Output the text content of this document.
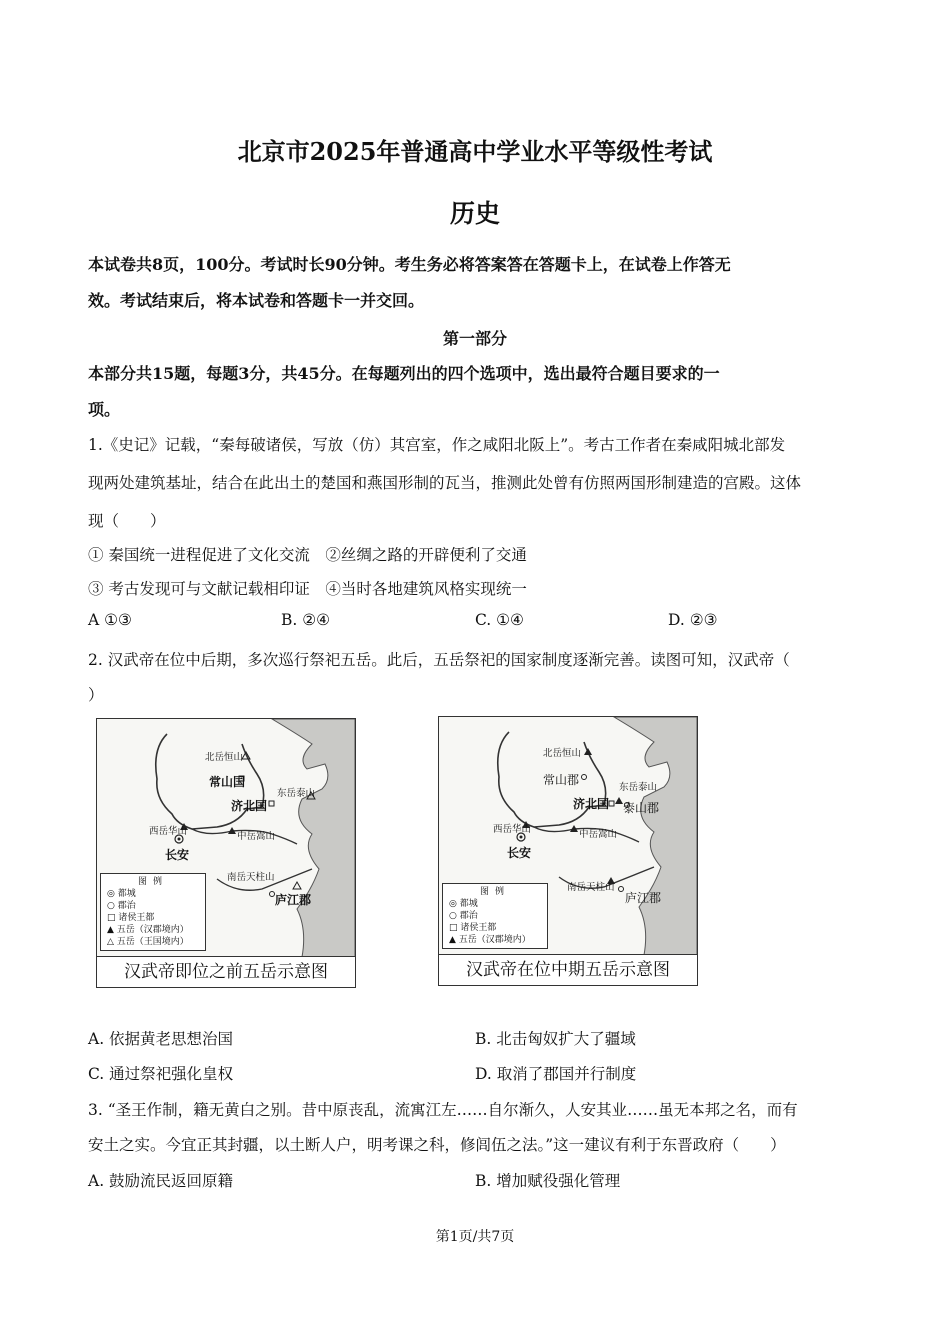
北京市2025年普通高中学业水平等级性考试
历史
本试卷共8页，100分。考试时长90分钟。考生务必将答案答在答题卡上，在试卷上作答无
效。考试结束后，将本试卷和答题卡一并交回。
第一部分
本部分共15题，每题3分，共45分。在每题列出的四个选项中，选出最符合题目要求的一
项。
1.《史记》记载，“秦每破诸侯，写放（仿）其宫室，作之咸阳北阪上”。考古工作者在秦咸阳城北部发
现两处建筑基址，结合在此出土的楚国和燕国形制的瓦当，推测此处曾有仿照两国形制建造的宫殿。这体
现（　　）
① 秦国统一进程促进了文化交流　②丝绸之路的开辟便利了交通
③ 考古发现可与文献记载相印证　④当时各地建筑风格实现统一
A ①③	B. ②④	C. ①④	D. ②③
2. 汉武帝在位中后期，多次巡行祭祀五岳。此后，五岳祭祀的国家制度逐渐完善。读图可知，汉武帝（
）
北岳恒山
常山国
济北国
东岳泰山
西岳华山	中岳嵩山
长安
南岳天柱山
庐江郡
图例
◎ 都城
○ 郡治
□ 诸侯王都
▲ 五岳（汉郡境内）
△ 五岳（王国境内）
汉武帝即位之前五岳示意图
北岳恒山
常山郡
济北国
东岳泰山
泰山郡
西岳华山	中岳嵩山
长安
南岳天柱山
庐江郡
图例
◎ 都城
○ 郡治
□ 诸侯王都
▲ 五岳（汉郡境内）
汉武帝在位中期五岳示意图
A. 依据黄老思想治国	B. 北击匈奴扩大了疆域
C. 通过祭祀强化皇权	D. 取消了郡国并行制度
3. “圣王作制，籍无黄白之别。昔中原丧乱，流寓江左……自尔渐久，人安其业……虽无本邦之名，而有
安土之实。今宜正其封疆，以土断人户，明考课之科，修闾伍之法。”这一建议有利于东晋政府（　　）
A. 鼓励流民返回原籍	B. 增加赋役强化管理
第1页/共7页
